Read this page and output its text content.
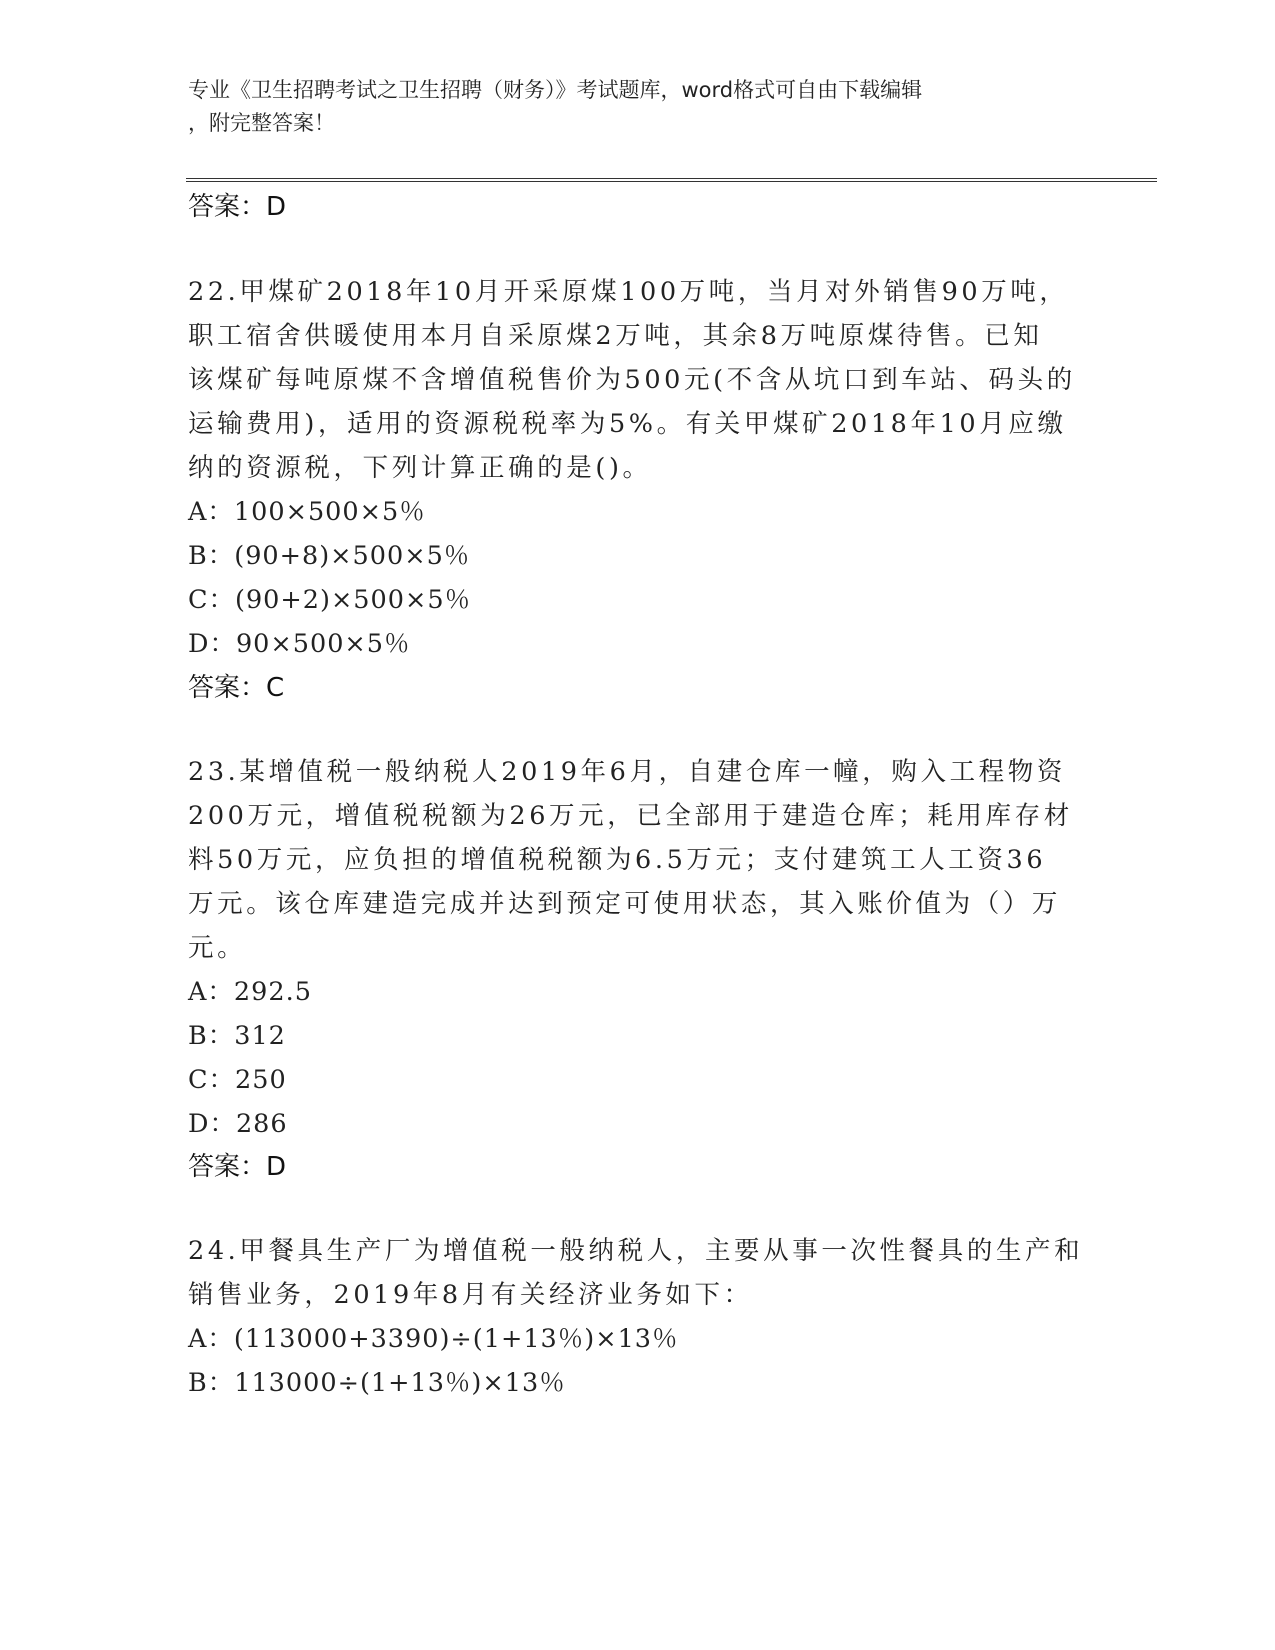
专业《卫生招聘考试之卫生招聘（财务）》考试题库，word格式可自由下载编辑
，附完整答案！
答案：D
22.甲煤矿2018年10月开采原煤100万吨，当月对外销售90万吨，
职工宿舍供暖使用本月自采原煤2万吨，其余8万吨原煤待售。已知
该煤矿每吨原煤不含增值税售价为500元(不含从坑口到车站、码头的
运输费用)，适用的资源税税率为5%。有关甲煤矿2018年10月应缴
纳的资源税，下列计算正确的是()。
A：100×500×5％
B：(90+8)×500×5％
C：(90+2)×500×5％
D：90×500×5％
答案：C
23.某增值税一般纳税人2019年6月，自建仓库一幢，购入工程物资
200万元，增值税税额为26万元，已全部用于建造仓库；耗用库存材
料50万元，应负担的增值税税额为6.5万元；支付建筑工人工资36
万元。该仓库建造完成并达到预定可使用状态，其入账价值为（）万
元。
A：292.5
B：312
C：250
D：286
答案：D
24.甲餐具生产厂为增值税一般纳税人，主要从事一次性餐具的生产和
销售业务，2019年8月有关经济业务如下：
A：(113000+3390)÷(1+13％)×13％
B：113000÷(1+13％)×13％
